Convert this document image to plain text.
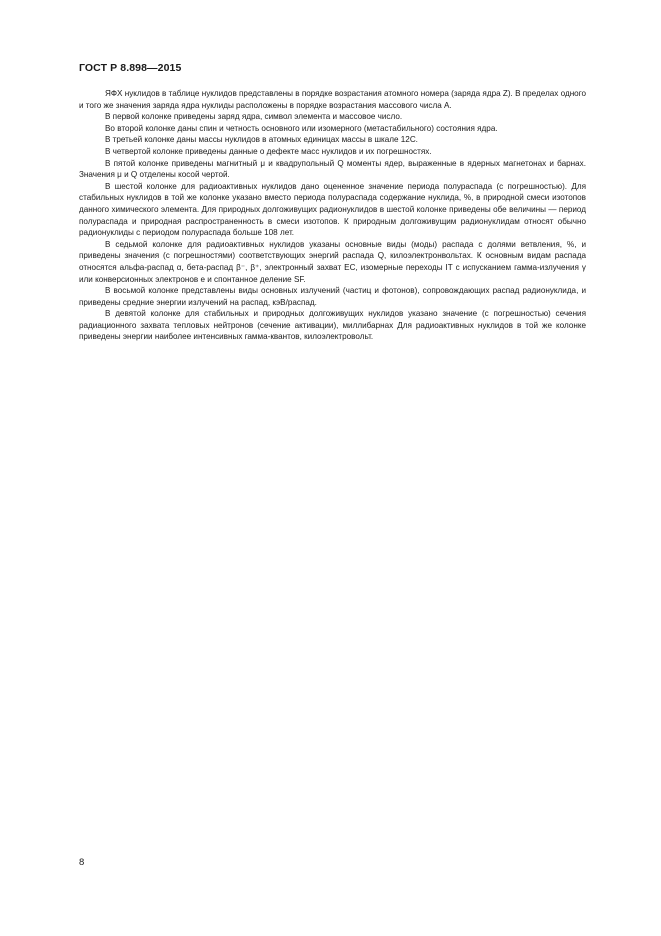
ГОСТ Р 8.898—2015

ЯФХ нуклидов в таблице нуклидов представлены в порядке возрастания атомного номера (заряда ядра Z). В пределах одного и того же значения заряда ядра нуклиды расположены в порядке возрастания массового числа A.

В первой колонке приведены заряд ядра, символ элемента и массовое число.

Во второй колонке даны спин и четность основного или изомерного (метастабильного) состояния ядра.

В третьей колонке даны массы нуклидов в атомных единицах массы в шкале 12С.

В четвертой колонке приведены данные о дефекте масс нуклидов и их погрешностях.

В пятой колонке приведены магнитный μ и квадрупольный Q моменты ядер, выраженные в ядерных магнетонах и барнах. Значения μ и Q отделены косой чертой.

В шестой колонке для радиоактивных нуклидов дано оцененное значение периода полураспада (с погрешностью). Для стабильных нуклидов в той же колонке указано вместо периода полураспада содержание нуклида, %, в природной смеси изотопов данного химического элемента. Для природных долгоживущих радионуклидов в шестой колонке приведены обе величины — период полураспада и природная распространенность в смеси изотопов. К природным долгоживущим радионуклидам относят обычно радионуклиды с периодом полураспада больше 108 лет.

В седьмой колонке для радиоактивных нуклидов указаны основные виды (моды) распада с долями ветвления, %, и приведены значения (с погрешностями) соответствующих энергий распада Q, килоэлектронвольтах. К основным видам распада относятся альфа-распад α, бета-распад β⁻, β⁺, электронный захват ЕС, изомерные переходы IT с испусканием гамма-излучения γ или конверсионных электронов е и спонтанное деление SF.

В восьмой колонке представлены виды основных излучений (частиц и фотонов), сопровождающих распад радионуклида, и приведены средние энергии излучений на распад, кэВ/распад.

В девятой колонке для стабильных и природных долгоживущих нуклидов указано значение (с погрешностью) сечения радиационного захвата тепловых нейтронов (сечение активации), миллибарнах Для радиоактивных нуклидов в той же колонке приведены энергии наиболее интенсивных гамма-квантов, килоэлектровольт.

8
